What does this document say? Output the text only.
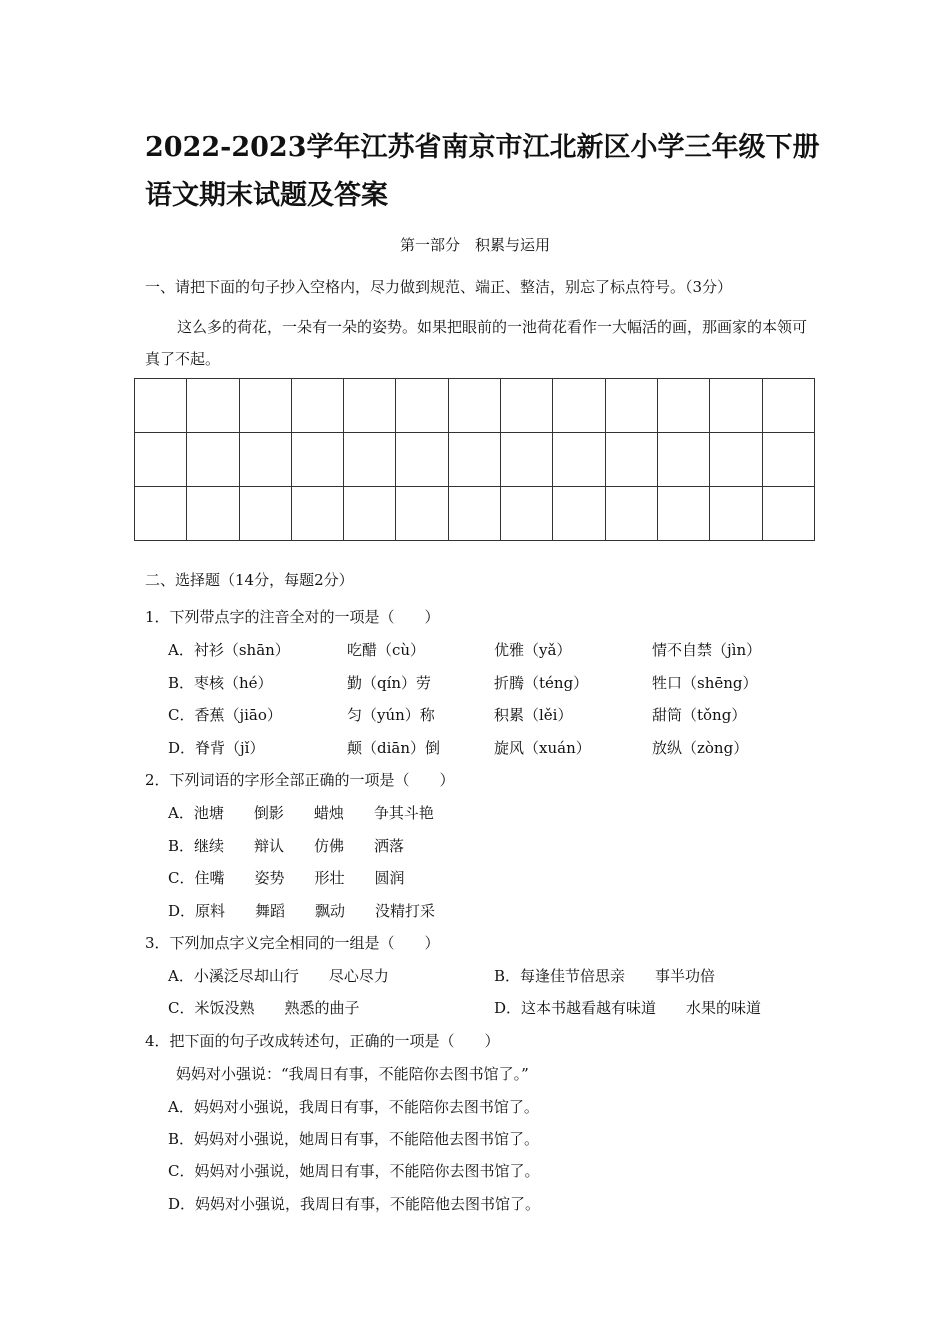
2022-2023学年江苏省南京市江北新区小学三年级下册语文期末试题及答案
第一部分　积累与运用
一、请把下面的句子抄入空格内，尽力做到规范、端正、整洁，别忘了标点符号。（3分）

这么多的荷花，一朵有一朵的姿势。如果把眼前的一池荷花看作一大幅活的画，那画家的本领可真了不起。

二、选择题（14分，每题2分）
1．下列带点字的注音全对的一项是（　　）
A．衬衫（shān）	吃醋（cù）	优雅（yǎ）	情不自禁（jìn）
B．枣核（hé）	勤（qín）劳	折腾（téng）	牲口（shēng）
C．香蕉（jiāo）	匀（yún）称	积累（lěi）	甜筒（tǒng）
D．脊背（jǐ）	颠（diān）倒	旋风（xuán）	放纵（zòng）
2．下列词语的字形全部正确的一项是（　　）
A．池塘　　倒影　　蜡烛　　争其斗艳
B．继续　　辩认　　仿佛　　洒落
C．住嘴　　姿势　　形壮　　圆润
D．原料　　舞蹈　　飘动　　没精打采
3．下列加点字义完全相同的一组是（　　）
A．小溪泛尽却山行　　尽心尽力	B．每逢佳节倍思亲　　事半功倍
C．米饭没熟　　熟悉的曲子	D．这本书越看越有味道　　水果的味道
4．把下面的句子改成转述句，正确的一项是（　　）
妈妈对小强说：“我周日有事，不能陪你去图书馆了。”
A．妈妈对小强说，我周日有事，不能陪你去图书馆了。
B．妈妈对小强说，她周日有事，不能陪他去图书馆了。
C．妈妈对小强说，她周日有事，不能陪你去图书馆了。
D．妈妈对小强说，我周日有事，不能陪他去图书馆了。
